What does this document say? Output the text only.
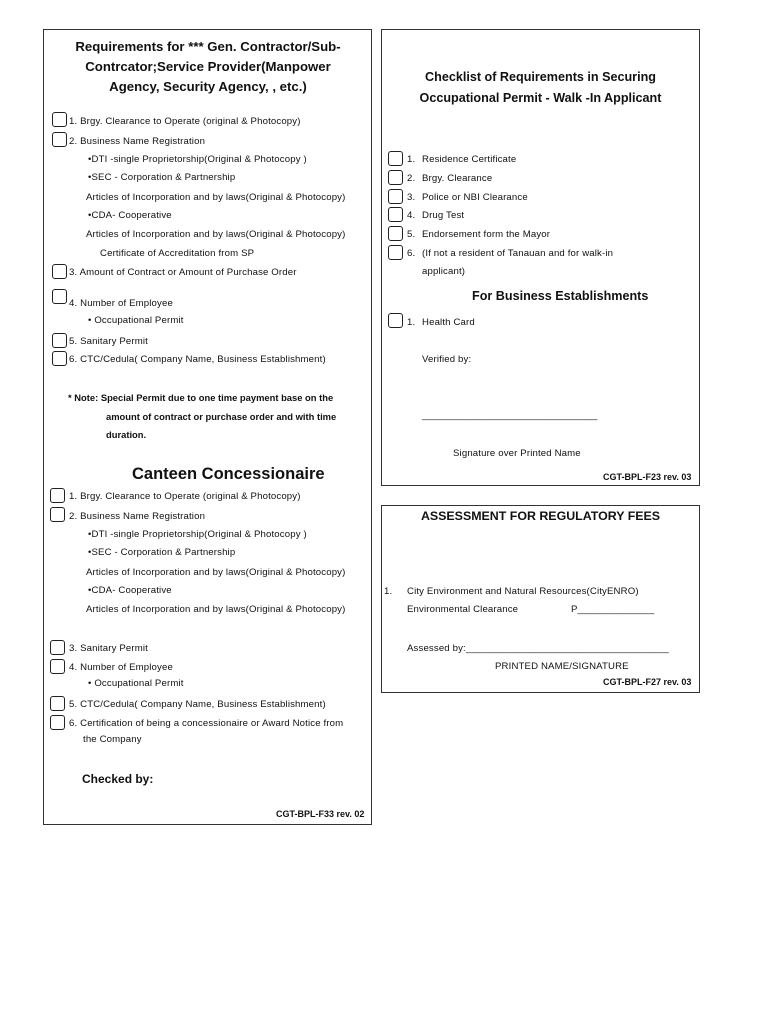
Requirements for *** Gen. Contractor/Sub-Contrcator;Service Provider(Manpower Agency, Security Agency, , etc.)
1. Brgy. Clearance to Operate (original & Photocopy)
2. Business Name Registration
•DTI -single Proprietorship(Original & Photocopy )
•SEC - Corporation & Partnership
Articles of Incorporation and by laws(Original & Photocopy)
•CDA- Cooperative
Articles of Incorporation and by laws(Original & Photocopy)
Certificate of Accreditation from SP
3. Amount of Contract or Amount of Purchase Order
4. Number of Employee
• Occupational Permit
5. Sanitary Permit
6. CTC/Cedula( Company Name, Business Establishment)
* Note: Special Permit due to one time payment base on the
amount of contract or purchase order and with time
duration.
Canteen Concessionaire
1. Brgy. Clearance to Operate (original & Photocopy)
2. Business Name Registration
•DTI -single Proprietorship(Original & Photocopy )
•SEC - Corporation & Partnership
Articles of Incorporation and by laws(Original & Photocopy)
•CDA- Cooperative
Articles of Incorporation and by laws(Original & Photocopy)
3. Sanitary Permit
4. Number of Employee
• Occupational Permit
5. CTC/Cedula( Company Name, Business Establishment)
6. Certification of being a concessionaire or Award Notice from
the Company
Checked by:
CGT-BPL-F33 rev. 02
Checklist of Requirements in Securing
Occupational Permit - Walk -In Applicant
1. Residence Certificate
2. Brgy. Clearance
3. Police or NBI Clearance
4. Drug Test
5. Endorsement form the Mayor
6. (If not a resident of Tanauan and for walk-in
applicant)
For Business Establishments
1. Health Card
Verified by:
________________________________
Signature over Printed Name
CGT-BPL-F23 rev. 03
ASSESSMENT FOR REGULATORY FEES
1. City Environment and Natural Resources(CityENRO)
Environmental Clearance	P______________
Assessed by:_____________________________________
PRINTED NAME/SIGNATURE
CGT-BPL-F27 rev. 03
